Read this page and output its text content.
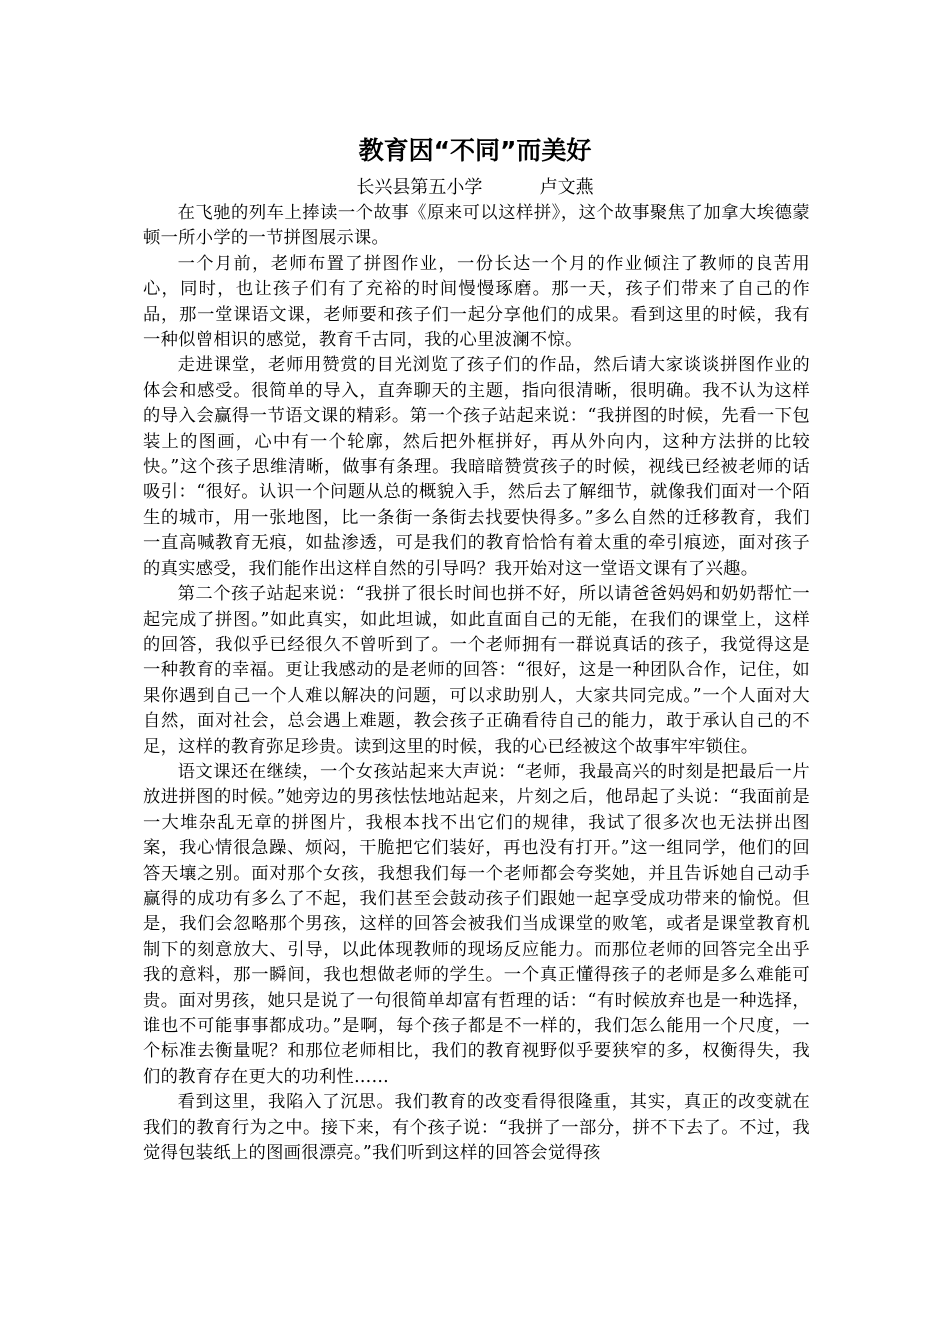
教育因“不同”而美好
长兴县第五小学          卢文燕

在飞驰的列车上捧读一个故事《原来可以这样拼》，这个故事聚焦了加拿大埃德蒙顿一所小学的一节拼图展示课。

一个月前，老师布置了拼图作业，一份长达一个月的作业倾注了教师的良苦用心，同时，也让孩子们有了充裕的时间慢慢琢磨。那一天，孩子们带来了自己的作品，那一堂课语文课，老师要和孩子们一起分享他们的成果。看到这里的时候，我有一种似曾相识的感觉，教育千古同，我的心里波澜不惊。

走进课堂，老师用赞赏的目光浏览了孩子们的作品，然后请大家谈谈拼图作业的体会和感受。很简单的导入，直奔聊天的主题，指向很清晰，很明确。我不认为这样的导入会赢得一节语文课的精彩。第一个孩子站起来说：“我拼图的时候，先看一下包装上的图画，心中有一个轮廓，然后把外框拼好，再从外向内，这种方法拼的比较快。”这个孩子思维清晰，做事有条理。我暗暗赞赏孩子的时候，视线已经被老师的话吸引：“很好。认识一个问题从总的概貌入手，然后去了解细节，就像我们面对一个陌生的城市，用一张地图，比一条街一条街去找要快得多。”多么自然的迁移教育，我们一直高喊教育无痕，如盐渗透，可是我们的教育恰恰有着太重的牵引痕迹，面对孩子的真实感受，我们能作出这样自然的引导吗？我开始对这一堂语文课有了兴趣。

第二个孩子站起来说：“我拼了很长时间也拼不好，所以请爸爸妈妈和奶奶帮忙一起完成了拼图。”如此真实，如此坦诚，如此直面自己的无能，在我们的课堂上，这样的回答，我似乎已经很久不曾听到了。一个老师拥有一群说真话的孩子，我觉得这是一种教育的幸福。更让我感动的是老师的回答：“很好，这是一种团队合作，记住，如果你遇到自己一个人难以解决的问题，可以求助别人，大家共同完成。”一个人面对大自然，面对社会，总会遇上难题，教会孩子正确看待自己的能力，敢于承认自己的不足，这样的教育弥足珍贵。读到这里的时候，我的心已经被这个故事牢牢锁住。

语文课还在继续，一个女孩站起来大声说：“老师，我最高兴的时刻是把最后一片放进拼图的时候。”她旁边的男孩怯怯地站起来，片刻之后，他昂起了头说：“我面前是一大堆杂乱无章的拼图片，我根本找不出它们的规律，我试了很多次也无法拼出图案，我心情很急躁、烦闷，干脆把它们装好，再也没有打开。”这一组同学，他们的回答天壤之别。面对那个女孩，我想我们每一个老师都会夸奖她，并且告诉她自己动手赢得的成功有多么了不起，我们甚至会鼓动孩子们跟她一起享受成功带来的愉悦。但是，我们会忽略那个男孩，这样的回答会被我们当成课堂的败笔，或者是课堂教育机制下的刻意放大、引导，以此体现教师的现场反应能力。而那位老师的回答完全出乎我的意料，那一瞬间，我也想做老师的学生。一个真正懂得孩子的老师是多么难能可贵。面对男孩，她只是说了一句很简单却富有哲理的话：“有时候放弃也是一种选择，谁也不可能事事都成功。”是啊，每个孩子都是不一样的，我们怎么能用一个尺度，一个标准去衡量呢？和那位老师相比，我们的教育视野似乎要狭窄的多，权衡得失，我们的教育存在更大的功利性……

看到这里，我陷入了沉思。我们教育的改变看得很隆重，其实，真正的改变就在我们的教育行为之中。接下来，有个孩子说：“我拼了一部分，拼不下去了。不过，我觉得包装纸上的图画很漂亮。”我们听到这样的回答会觉得孩
